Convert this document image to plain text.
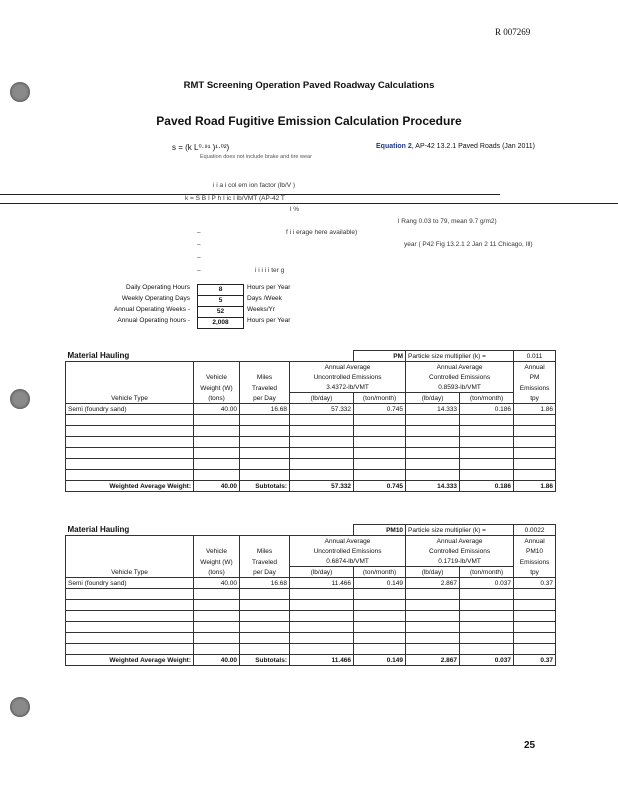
R 007269
RMT Screening Operation Paved Roadway Calculations
Paved Road Fugitive Emission Calculation Procedure
s = (k L⁰·⁹¹ )¹·⁰²)	Equation 2, AP-42 13.2.1 Paved Roads (Jan 2011)
Equation does not include brake and tire wear
i i a i col em ion factor (lb/V )
k = S B I P h I ic I lb/VMT (AP-42 T
l %
l Rang 0.03 to 79, mean 9.7 g/m2)
–	f i i erage here available)
–	year ( P42 Fig 13.2.1 2 Jan 2 11 Chicago, Ill)
–
–	i i i i i ter g
Daily Operating Hours	8	Hours per Year
Weekly Operating Days	5	Days /Week
Annual Operating Weeks -	52	Weeks/Yr
Annual Operating hours -	2,008	Hours per Year
Material Hauling				PM	Particle size multiplier (k) =		0.011
			Annual Average		Annual Average		Annual
	Vehicle	Miles	Uncontrolled Emissions		Controlled Emissions		PM
	Weight (W)	Traveled	3.4372-lb/VMT		0.8593-lb/VMT		Emissions
Vehicle Type	(tons)	per Day	(lb/day)	(ton/month)	(lb/day)	(ton/month)	tpy
Semi (foundry sand)	40.00	16.68	57.332	0.745	14.333	0.186	1.86

Weighted Average Weight:	40.00	Subtotals:	57.332	0.745	14.333	0.186	1.86
Material Hauling				PM10	Particle size multiplier (k) =		0.0022
			Annual Average		Annual Average		Annual
	Vehicle	Miles	Uncontrolled Emissions		Controlled Emissions		PM10
	Weight (W)	Traveled	0.6874-lb/VMT		0.1719-lb/VMT		Emissions
Vehicle Type	(tons)	per Day	(lb/day)	(ton/month)	(lb/day)	(ton/month)	tpy
Semi (foundry sand)	40.00	16.68	11.466	0.149	2.867	0.037	0.37

Weighted Average Weight:	40.00	Subtotals:	11.466	0.149	2.867	0.037	0.37
25
